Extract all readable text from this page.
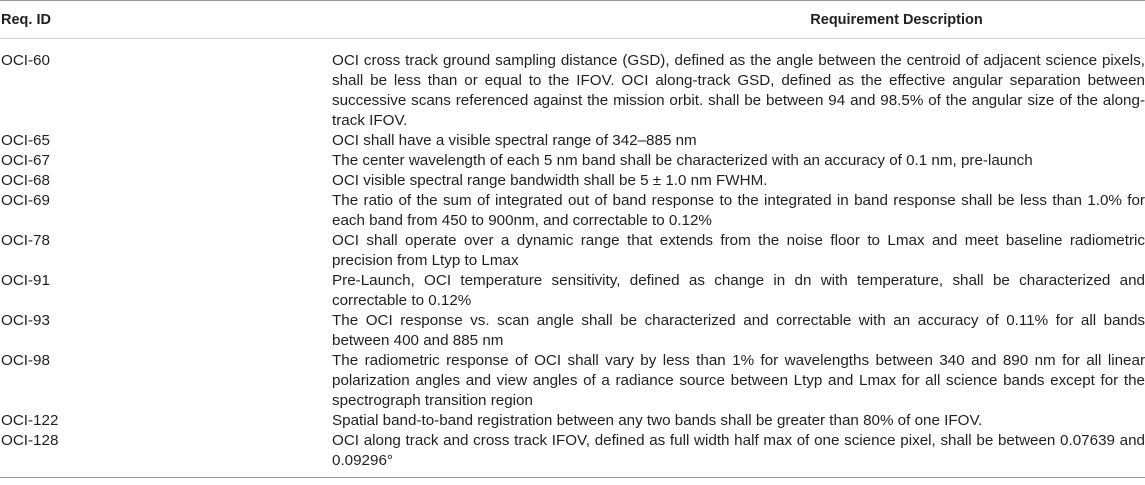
Req. ID	Requirement Description
OCI-60	OCI cross track ground sampling distance (GSD), defined as the angle between the centroid of adjacent science pixels, shall be less than or equal to the IFOV. OCI along-track GSD, defined as the effective angular separation between successive scans referenced against the mission orbit. shall be between 94 and 98.5% of the angular size of the along-track IFOV.
OCI-65	OCI shall have a visible spectral range of 342–885 nm
OCI-67	The center wavelength of each 5 nm band shall be characterized with an accuracy of 0.1 nm, pre-launch
OCI-68	OCI visible spectral range bandwidth shall be 5 ± 1.0 nm FWHM.
OCI-69	The ratio of the sum of integrated out of band response to the integrated in band response shall be less than 1.0% for each band from 450 to 900nm, and correctable to 0.12%
OCI-78	OCI shall operate over a dynamic range that extends from the noise floor to Lmax and meet baseline radiometric precision from Ltyp to Lmax
OCI-91	Pre-Launch, OCI temperature sensitivity, defined as change in dn with temperature, shall be characterized and correctable to 0.12%
OCI-93	The OCI response vs. scan angle shall be characterized and correctable with an accuracy of 0.11% for all bands between 400 and 885 nm
OCI-98	The radiometric response of OCI shall vary by less than 1% for wavelengths between 340 and 890 nm for all linear polarization angles and view angles of a radiance source between Ltyp and Lmax for all science bands except for the spectrograph transition region
OCI-122	Spatial band-to-band registration between any two bands shall be greater than 80% of one IFOV.
OCI-128	OCI along track and cross track IFOV, defined as full width half max of one science pixel, shall be between 0.07639 and 0.09296°
